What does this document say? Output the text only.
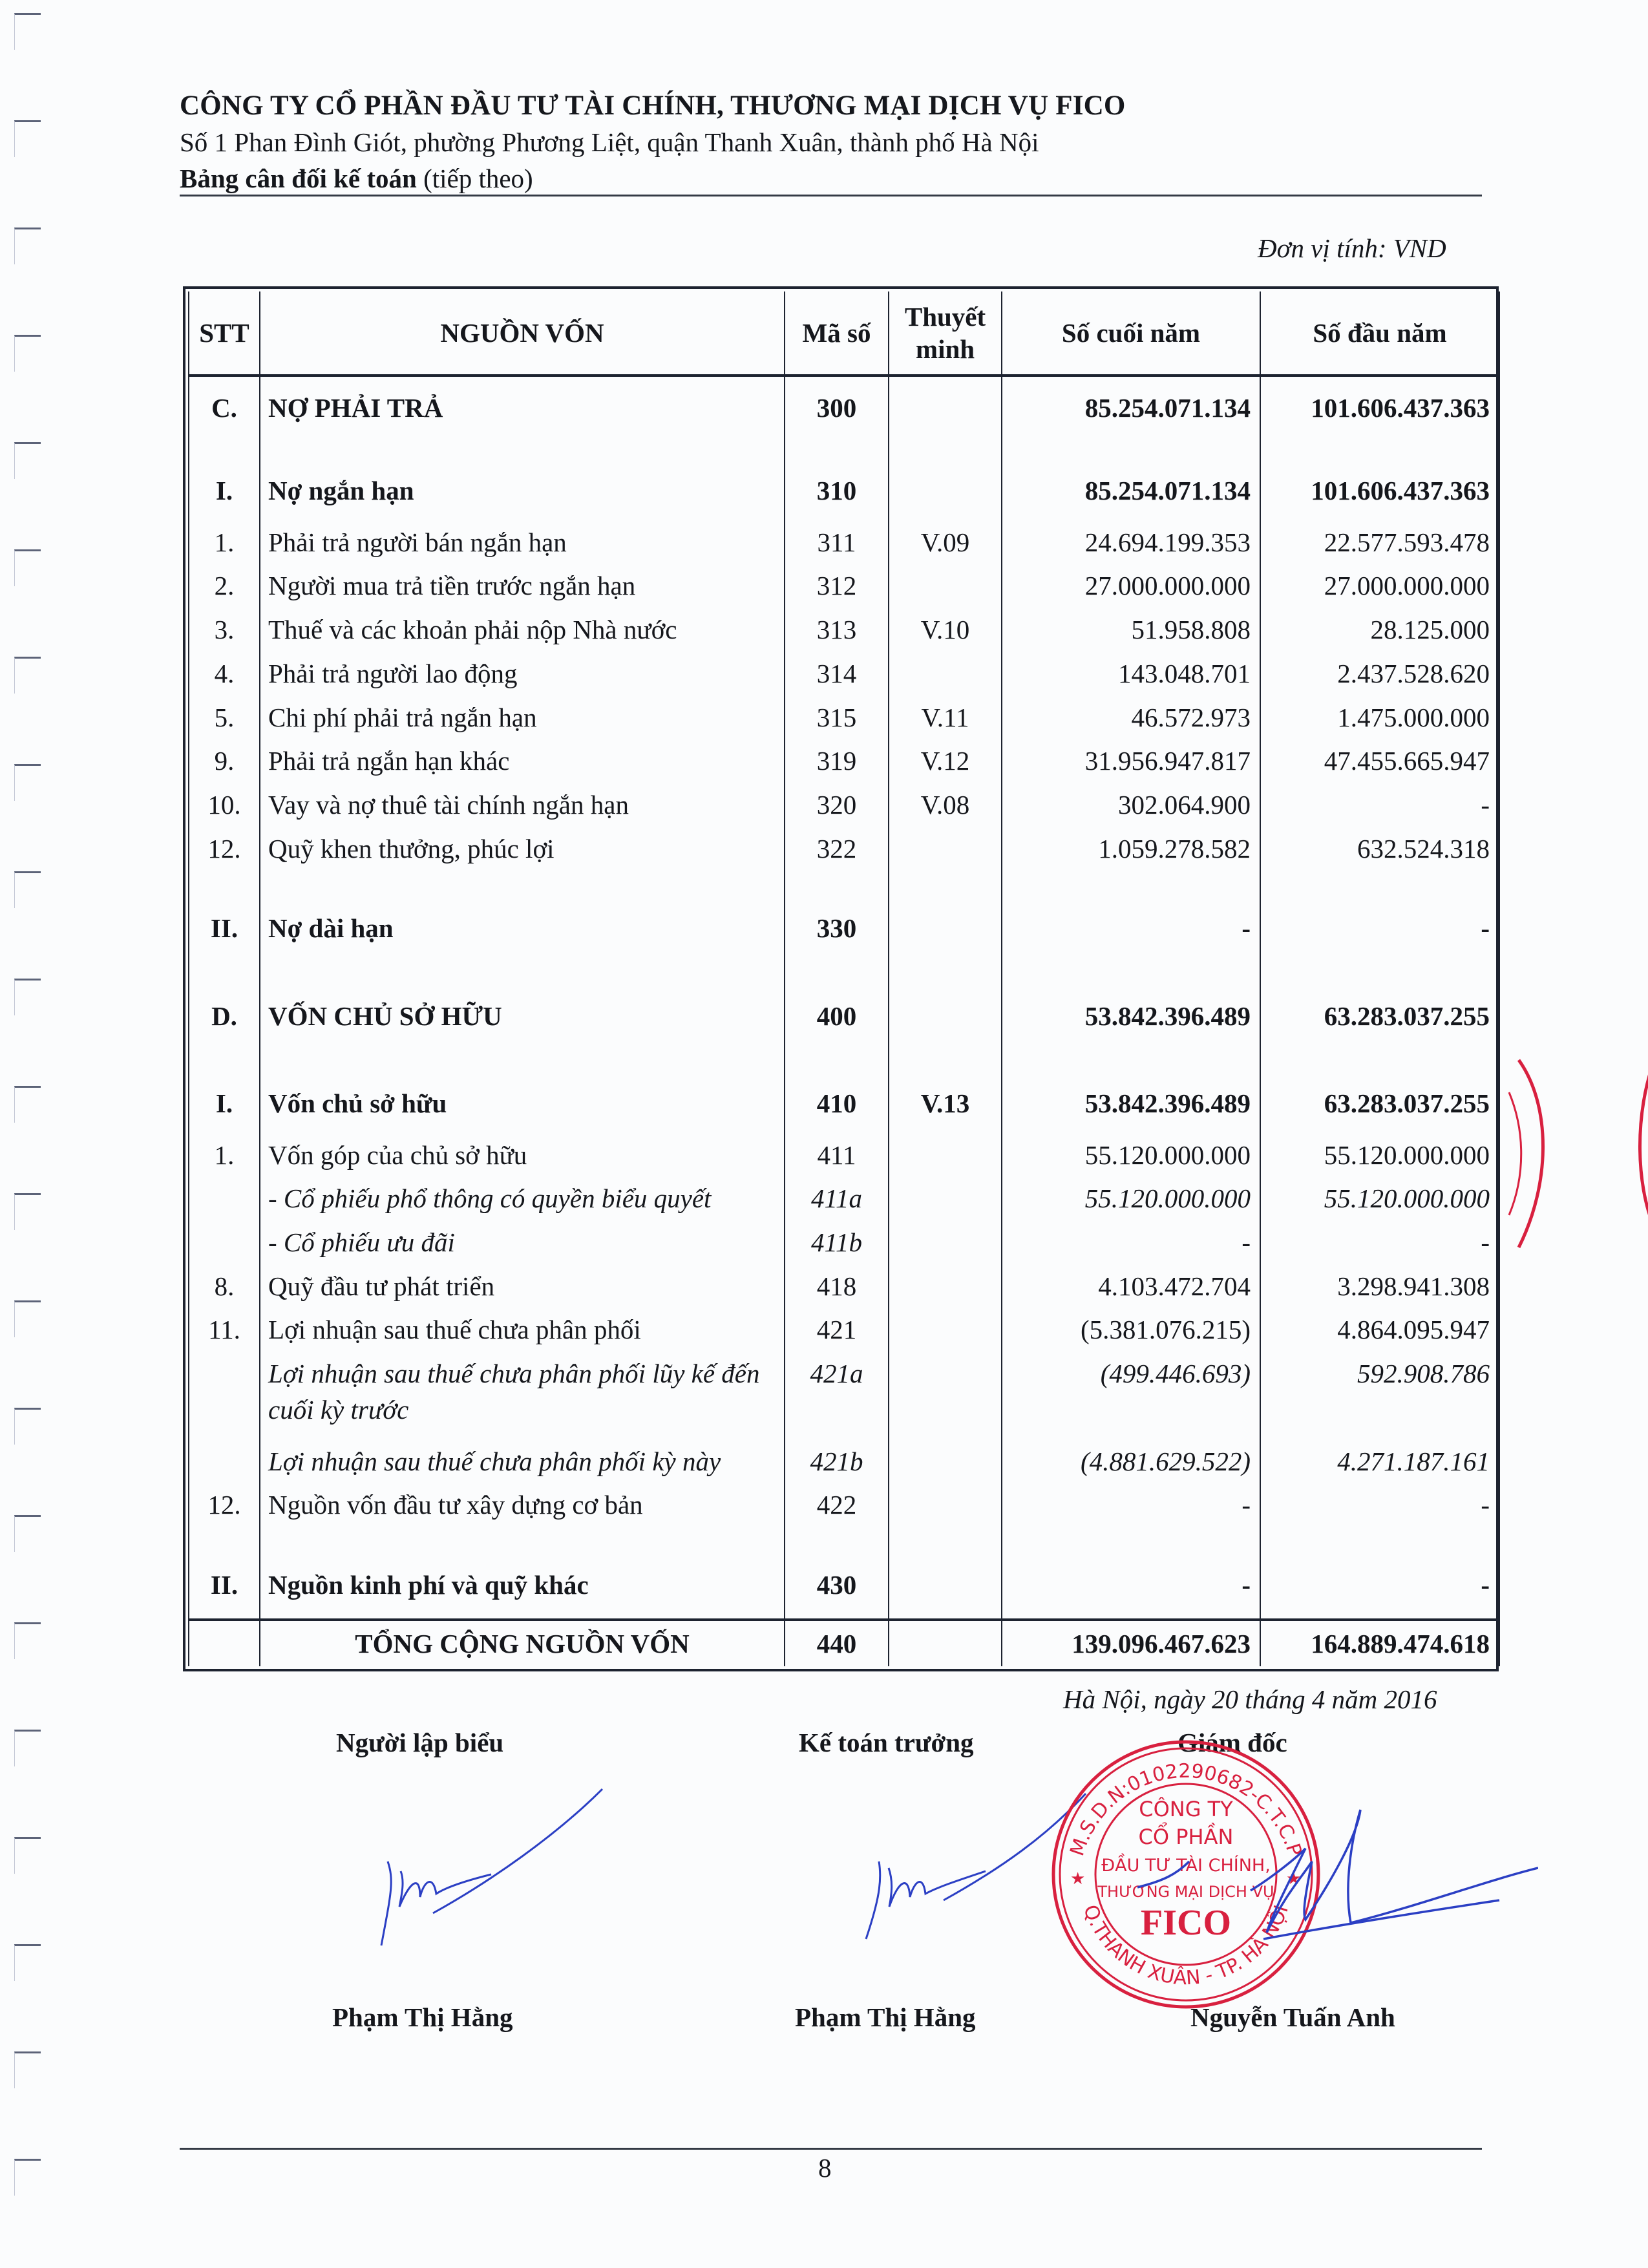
CÔNG TY CỔ PHẦN ĐẦU TƯ TÀI CHÍNH, THƯƠNG MẠI DỊCH VỤ FICO
Số 1 Phan Đình Giót, phường Phương Liệt, quận Thanh Xuân, thành phố Hà Nội
Bảng cân đối kế toán (tiếp theo)
Đơn vị tính: VND
STT	NGUỒN VỐN	Mã số	Thuyết minh	Số cuối năm	Số đầu năm
C.	NỢ PHẢI TRẢ	300		85.254.071.134	101.606.437.363
I.	Nợ ngắn hạn	310		85.254.071.134	101.606.437.363
1.	Phải trả người bán ngắn hạn	311	V.09	24.694.199.353	22.577.593.478
2.	Người mua trả tiền trước ngắn hạn	312		27.000.000.000	27.000.000.000
3.	Thuế và các khoản phải nộp Nhà nước	313	V.10	51.958.808	28.125.000
4.	Phải trả người lao động	314		143.048.701	2.437.528.620
5.	Chi phí phải trả ngắn hạn	315	V.11	46.572.973	1.475.000.000
9.	Phải trả ngắn hạn khác	319	V.12	31.956.947.817	47.455.665.947
10.	Vay và nợ thuê tài chính ngắn hạn	320	V.08	302.064.900	-
12.	Quỹ khen thưởng, phúc lợi	322		1.059.278.582	632.524.318
II.	Nợ dài hạn	330		-	-
D.	VỐN CHỦ SỞ HỮU	400		53.842.396.489	63.283.037.255
I.	Vốn chủ sở hữu	410	V.13	53.842.396.489	63.283.037.255
1.	Vốn góp của chủ sở hữu	411		55.120.000.000	55.120.000.000
	- Cổ phiếu phổ thông có quyền biểu quyết	411a		55.120.000.000	55.120.000.000
	- Cổ phiếu ưu đãi	411b		-	-
8.	Quỹ đầu tư phát triển	418		4.103.472.704	3.298.941.308
11.	Lợi nhuận sau thuế chưa phân phối	421		(5.381.076.215)	4.864.095.947
	Lợi nhuận sau thuế chưa phân phối lũy kế đến cuối kỳ trước	421a		(499.446.693)	592.908.786
	Lợi nhuận sau thuế chưa phân phối kỳ này	421b		(4.881.629.522)	4.271.187.161
12.	Nguồn vốn đầu tư xây dựng cơ bản	422		-	-
II.	Nguồn kinh phí và quỹ khác	430		-	-

	TỔNG CỘNG NGUỒN VỐN	440		139.096.467.623	164.889.474.618
Hà Nội, ngày 20 tháng 4 năm 2016
Người lập biểu	Kế toán trưởng	Giám đốc
M.S.D.N:0102290682-C.T.C.P
Q.THANH XUÂN - TP. HÀ NỘI
CÔNG TY
CỔ PHẦN
ĐẦU TƯ TÀI CHÍNH,
THƯƠNG MẠI DỊCH VỤ
FICO
★	★
Phạm Thị Hằng	Phạm Thị Hằng	Nguyễn Tuấn Anh
8
